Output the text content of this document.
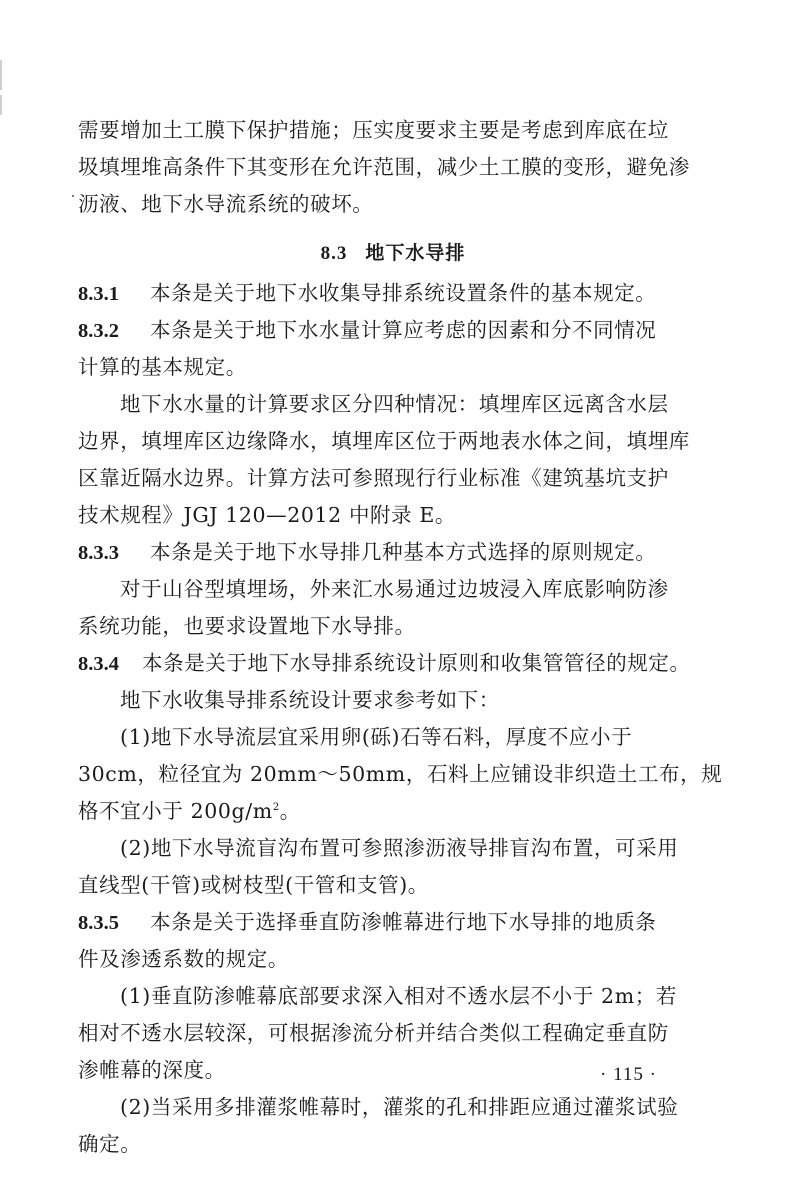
需要增加土工膜下保护措施；压实度要求主要是考虑到库底在垃
圾填埋堆高条件下其变形在允许范围，减少土工膜的变形，避免渗
沥液、地下水导流系统的破坏。
8.3 地下水导排
8.3.1 本条是关于地下水收集导排系统设置条件的基本规定。
8.3.2 本条是关于地下水水量计算应考虑的因素和分不同情况
计算的基本规定。
地下水水量的计算要求区分四种情况：填埋库区远离含水层
边界，填埋库区边缘降水，填埋库区位于两地表水体之间，填埋库
区靠近隔水边界。计算方法可参照现行行业标准《建筑基坑支护
技术规程》JGJ 120—2012 中附录 E。
8.3.3 本条是关于地下水导排几种基本方式选择的原则规定。
对于山谷型填埋场，外来汇水易通过边坡浸入库底影响防渗
系统功能，也要求设置地下水导排。
8.3.4 本条是关于地下水导排系统设计原则和收集管管径的规定。
地下水收集导排系统设计要求参考如下：
(1)地下水导流层宜采用卵(砾)石等石料，厚度不应小于
30cm，粒径宜为 20mm～50mm，石料上应铺设非织造土工布，规
格不宜小于 $200g/m^2$。
(2)地下水导流盲沟布置可参照渗沥液导排盲沟布置，可采用
直线型(干管)或树枝型(干管和支管)。
8.3.5 本条是关于选择垂直防渗帷幕进行地下水导排的地质条
件及渗透系数的规定。
(1)垂直防渗帷幕底部要求深入相对不透水层不小于 2m；若
相对不透水层较深，可根据渗流分析并结合类似工程确定垂直防
渗帷幕的深度。
(2)当采用多排灌浆帷幕时，灌浆的孔和排距应通过灌浆试验
确定。
· 115 ·
